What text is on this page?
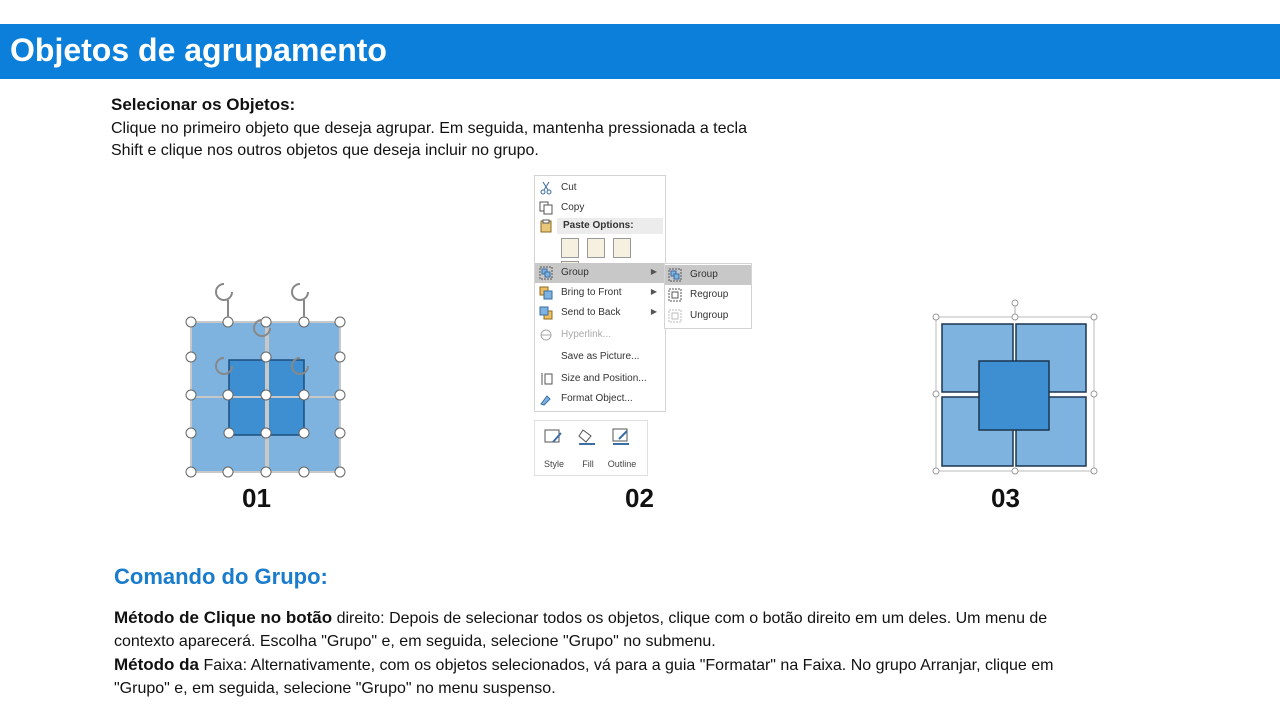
Objetos de agrupamento
Selecionar os Objetos:
Clique no primeiro objeto que deseja agrupar. Em seguida, mantenha pressionada a tecla Shift e clique nos outros objetos que deseja incluir no grupo.
Cut
Copy
Paste Options:
Group	▶
Bring to Front	▶
Send to Back	▶
Hyperlink...
Save as Picture...
Size and Position...
Format Object...
Group
Regroup
Ungroup
Style	Fill	Outline
01	02	03
Comando do Grupo:
Método de Clique no botão direito: Depois de selecionar todos os objetos, clique com o botão direito em um deles. Um menu de contexto aparecerá. Escolha "Grupo" e, em seguida, selecione "Grupo" no submenu.
Método da Faixa: Alternativamente, com os objetos selecionados, vá para a guia "Formatar" na Faixa. No grupo Arranjar, clique em "Grupo" e, em seguida, selecione "Grupo" no menu suspenso.
